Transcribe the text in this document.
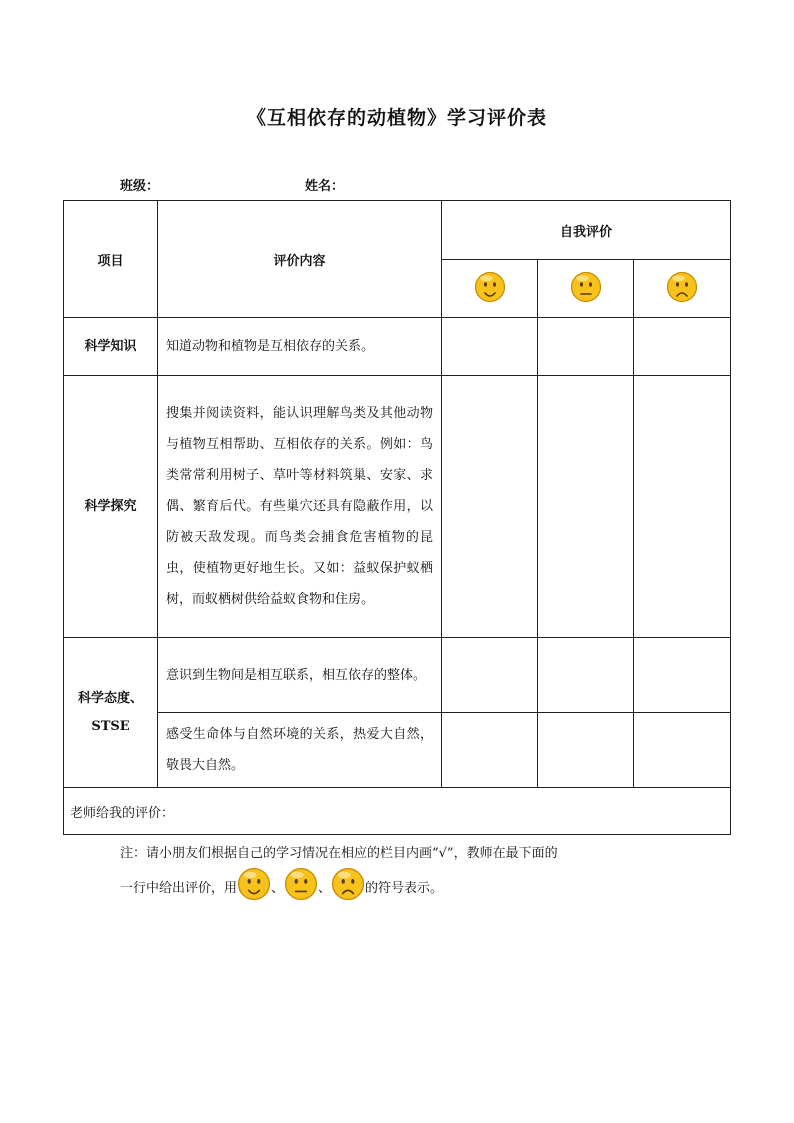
《互相依存的动植物》学习评价表
班级：	姓名：
项目	评价内容	自我评价		

科学知识	知道动物和植物是互相依存的关系。			
科学探究	搜集并阅读资料，能认识理解鸟类及其他动物与植物互相帮助、互相依存的关系。例如：鸟类常常利用树子、草叶等材料筑巢、安家、求偶、繁育后代。有些巢穴还具有隐蔽作用，以防被天敌发现。而鸟类会捕食危害植物的昆虫，使植物更好地生长。又如：益蚁保护蚁栖树，而蚁栖树供给益蚁食物和住房。			
科学态度、STSE	意识到生物间是相互联系，相互依存的整体。			
	感受生命体与自然环境的关系，热爱大自然，敬畏大自然。			
老师给我的评价：				
注：请小朋友们根据自己的学习情况在相应的栏目内画“√”，教师在最下面的
一行中给出评价，用	、	、	的符号表示。
